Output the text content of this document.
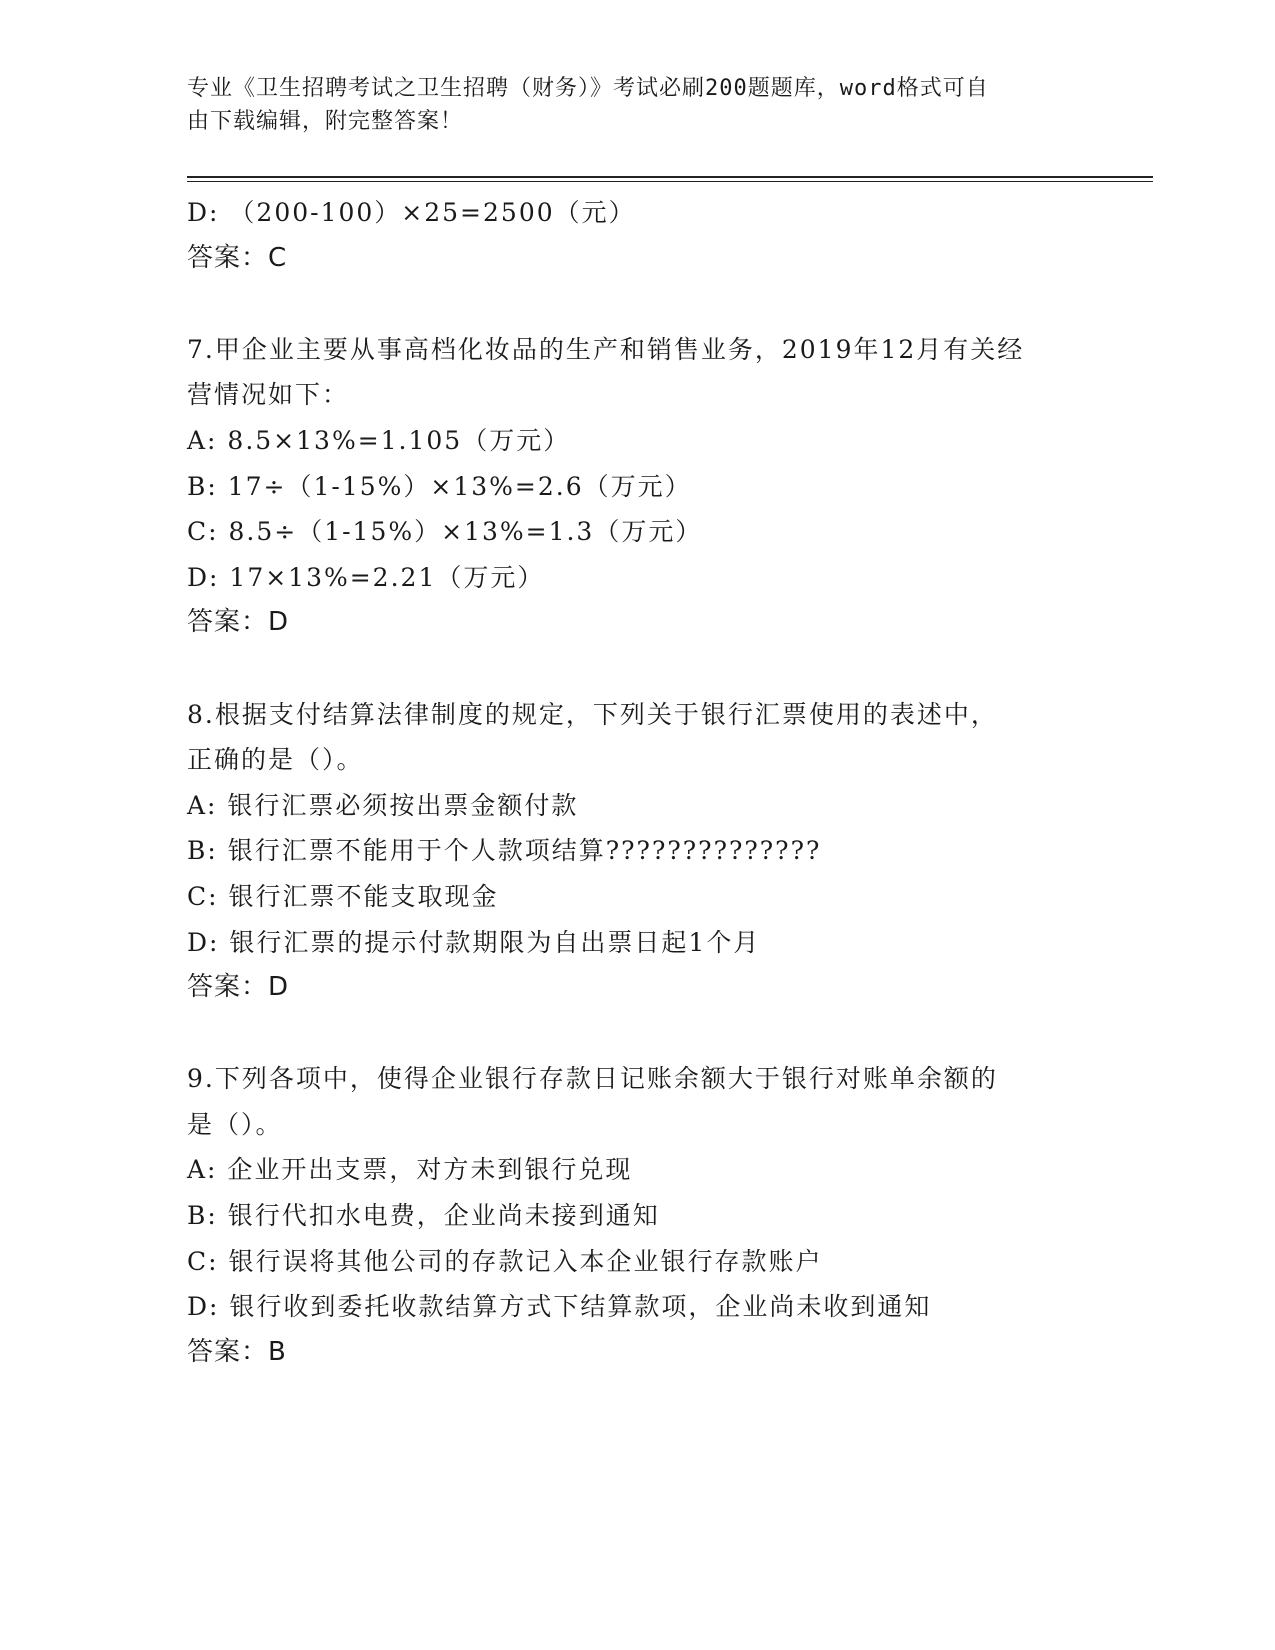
专业《卫生招聘考试之卫生招聘（财务）》考试必刷200题题库，word格式可自
由下载编辑，附完整答案！
D: （200-100）×25=2500（元）
答案：C
7.甲企业主要从事高档化妆品的生产和销售业务，2019年12月有关经
营情况如下：
A: 8.5×13%=1.105（万元）
B: 17÷（1-15%）×13%=2.6（万元）
C: 8.5÷（1-15%）×13%=1.3（万元）
D: 17×13%=2.21（万元）
答案：D
8.根据支付结算法律制度的规定，下列关于银行汇票使用的表述中，
正确的是（）。
A: 银行汇票必须按出票金额付款
B: 银行汇票不能用于个人款项结算??????????????
C: 银行汇票不能支取现金
D: 银行汇票的提示付款期限为自出票日起1个月
答案：D
9.下列各项中，使得企业银行存款日记账余额大于银行对账单余额的
是（）。
A: 企业开出支票，对方未到银行兑现
B: 银行代扣水电费，企业尚未接到通知
C: 银行误将其他公司的存款记入本企业银行存款账户
D: 银行收到委托收款结算方式下结算款项，企业尚未收到通知
答案：B
